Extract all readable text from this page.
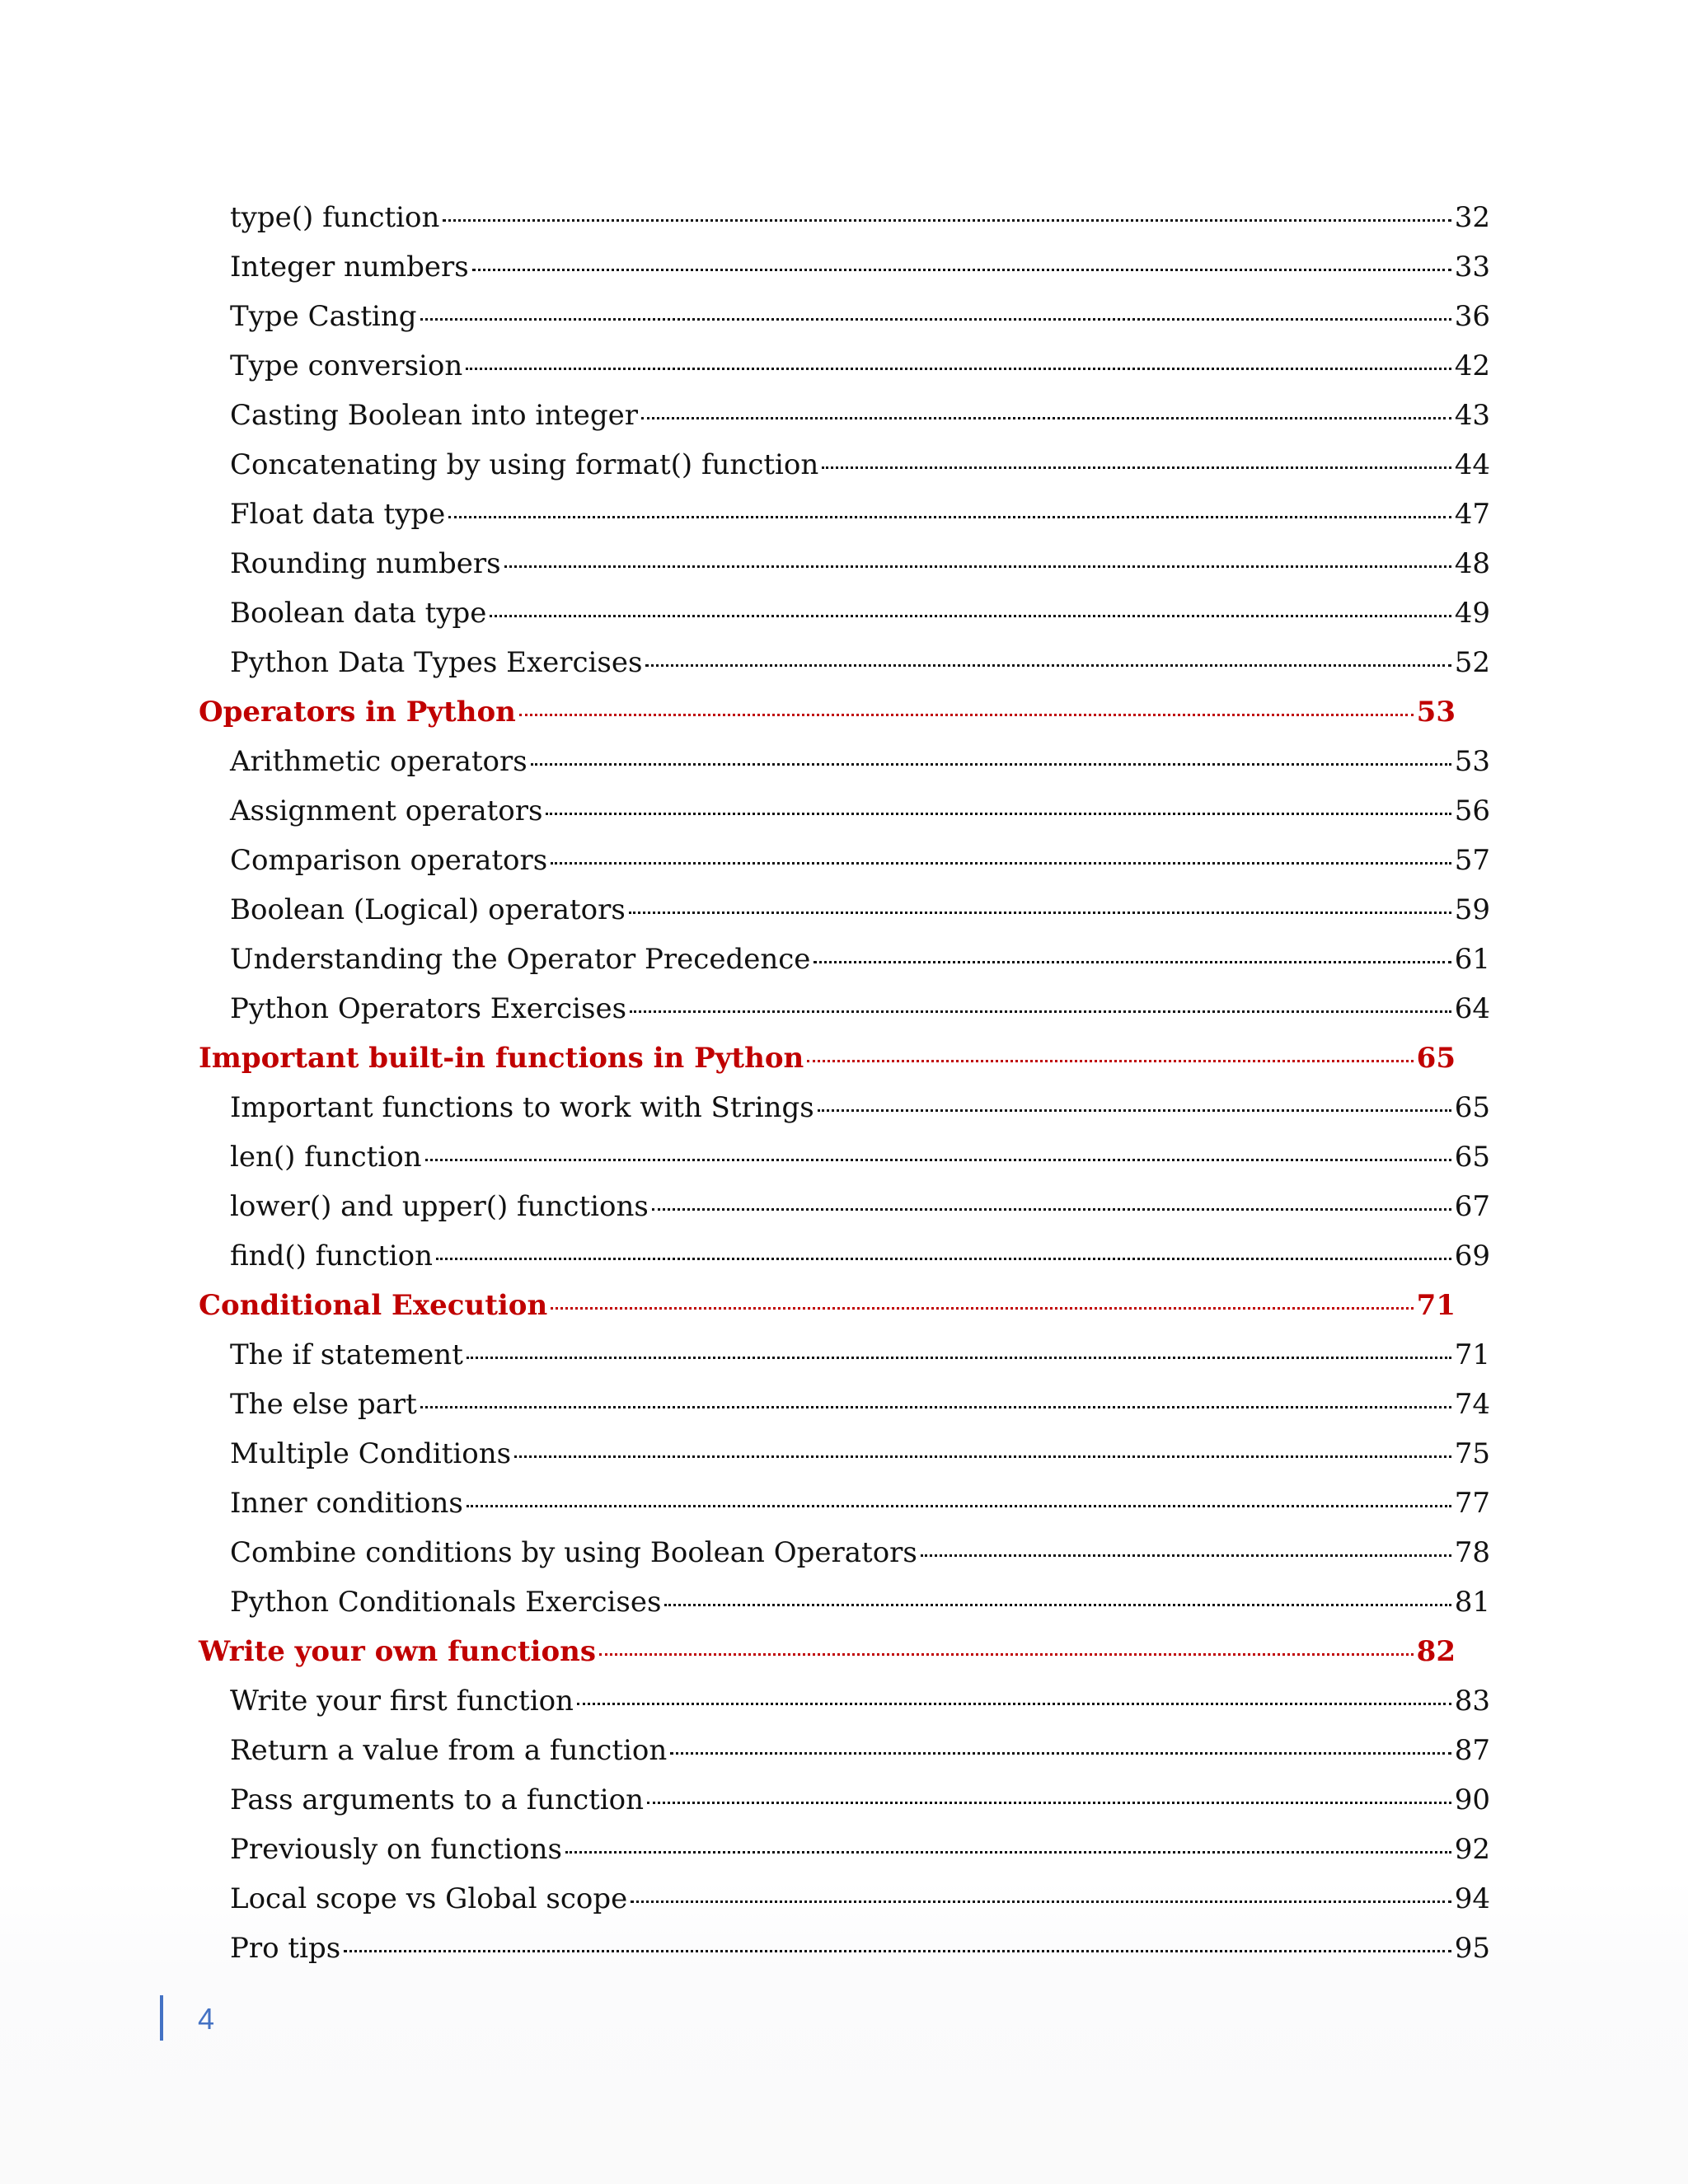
type() function	32
Integer numbers	33
Type Casting	36
Type conversion	42
Casting Boolean into integer	43
Concatenating by using format() function	44
Float data type	47
Rounding numbers	48
Boolean data type	49
Python Data Types Exercises	52
Operators in Python	53
Arithmetic operators	53
Assignment operators	56
Comparison operators	57
Boolean (Logical) operators	59
Understanding the Operator Precedence	61
Python Operators Exercises	64
Important built-in functions in Python	65
Important functions to work with Strings	65
len() function	65
lower() and upper() functions	67
find() function	69
Conditional Execution	71
The if statement	71
The else part	74
Multiple Conditions	75
Inner conditions	77
Combine conditions by using Boolean Operators	78
Python Conditionals Exercises	81
Write your own functions	82
Write your first function	83
Return a value from a function	87
Pass arguments to a function	90
Previously on functions	92
Local scope vs Global scope	94
Pro tips	95
4
